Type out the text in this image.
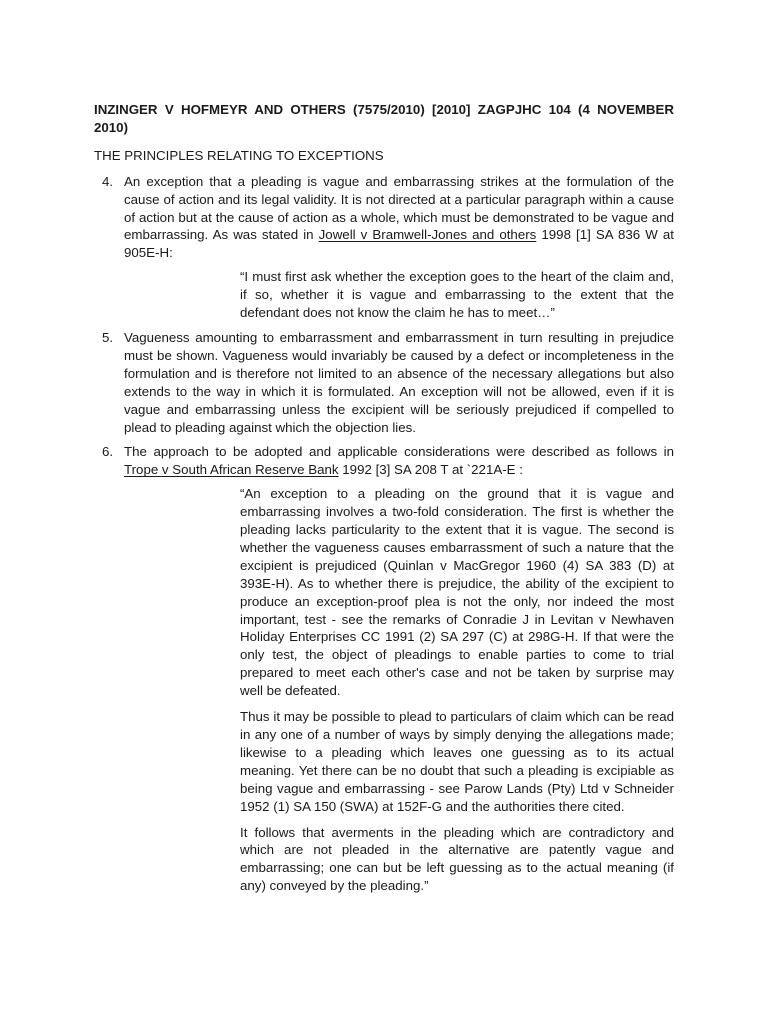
INZINGER V HOFMEYR AND OTHERS (7575/2010) [2010] ZAGPJHC 104 (4 NOVEMBER 2010)
THE PRINCIPLES RELATING TO EXCEPTIONS
4. An exception that a pleading is vague and embarrassing strikes at the formulation of the cause of action and its legal validity. It is not directed at a particular paragraph within a cause of action but at the cause of action as a whole, which must be demonstrated to be vague and embarrassing. As was stated in Jowell v Bramwell-Jones and others 1998 [1] SA 836 W at 905E-H:
“I must first ask whether the exception goes to the heart of the claim and, if so, whether it is vague and embarrassing to the extent that the defendant does not know the claim he has to meet…”
5. Vagueness amounting to embarrassment and embarrassment in turn resulting in prejudice must be shown. Vagueness would invariably be caused by a defect or incompleteness in the formulation and is therefore not limited to an absence of the necessary allegations but also extends to the way in which it is formulated. An exception will not be allowed, even if it is vague and embarrassing unless the excipient will be seriously prejudiced if compelled to plead to pleading against which the objection lies.
6. The approach to be adopted and applicable considerations were described as follows in Trope v South African Reserve Bank 1992 [3] SA 208 T at `221A-E :

“An exception to a pleading on the ground that it is vague and embarrassing involves a two-fold consideration. The first is whether the pleading lacks particularity to the extent that it is vague. The second is whether the vagueness causes embarrassment of such a nature that the excipient is prejudiced (Quinlan v MacGregor 1960 (4) SA 383 (D) at 393E-H). As to whether there is prejudice, the ability of the excipient to produce an exception-proof plea is not the only, nor indeed the most important, test - see the remarks of Conradie J in Levitan v Newhaven Holiday Enterprises CC 1991 (2) SA 297 (C) at 298G-H. If that were the only test, the object of pleadings to enable parties to come to trial prepared to meet each other's case and not be taken by surprise may well be defeated.

Thus it may be possible to plead to particulars of claim which can be read in any one of a number of ways by simply denying the allegations made; likewise to a pleading which leaves one guessing as to its actual meaning. Yet there can be no doubt that such a pleading is excipiable as being vague and embarrassing - see Parow Lands (Pty) Ltd v Schneider 1952 (1) SA 150 (SWA) at 152F-G and the authorities there cited.

It follows that averments in the pleading which are contradictory and which are not pleaded in the alternative are patently vague and embarrassing; one can but be left guessing as to the actual meaning (if any) conveyed by the pleading.”
